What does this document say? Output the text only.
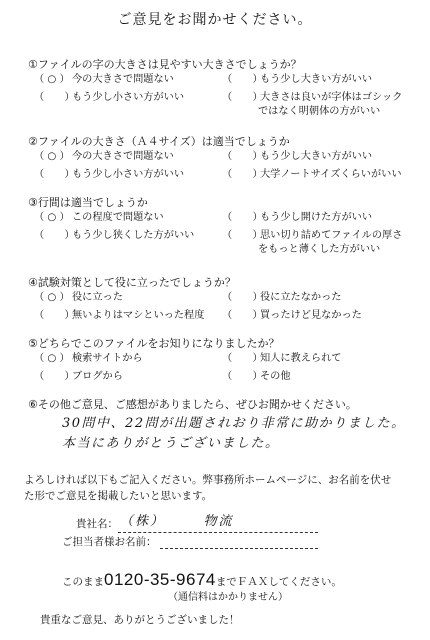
ご意見をお聞かせください。
①ファイルの字の大きさは見やすい大きさでしょうか？
（ ○ ） 今の大きさで問題ない	（　　）もう少し大きい方がいい
（　　）もう少し小さい方がいい	（　　）大きさは良いが字体はゴシック
ではなく明朝体の方がいい
②ファイルの大きさ（Ａ４サイズ）は適当でしょうか
（ ○ ） 今の大きさで問題ない	（　　）もう少し大きい方がいい
（　　）もう少し小さい方がいい	（　　）大学ノートサイズくらいがいい
③行間は適当でしょうか
（ ○ ） この程度で問題ない	（　　）もう少し開けた方がいい
（　　）もう少し狭くした方がいい	（　　）思い切り詰めてファイルの厚さ
をもっと薄くした方がいい
④試験対策として役に立ったでしょうか？
（ ○ ） 役に立った	（　　）役に立たなかった
（　　）無いよりはマシといった程度 （　　）買ったけど見なかった
⑤どちらでこのファイルをお知りになりましたか？
（ ○ ） 検索サイトから	（　　）知人に教えられて
（　　）ブログから	（　　）その他
⑥その他ご意見、ご感想がありましたら、ぜひお聞かせください。
30問中、22問が出題されおり非常に助かりました。
本当にありがとうございました。
よろしければ以下もご記入ください。弊事務所ホームページに、お名前を伏せ
た形でご意見を掲載したいと思います。
貴社名： （株）　　　物流
ご担当者様お名前：
このまま0120-35-9674までＦＡＸしてください。
（通信料はかかりません）
貴重なご意見、ありがとうございました！
